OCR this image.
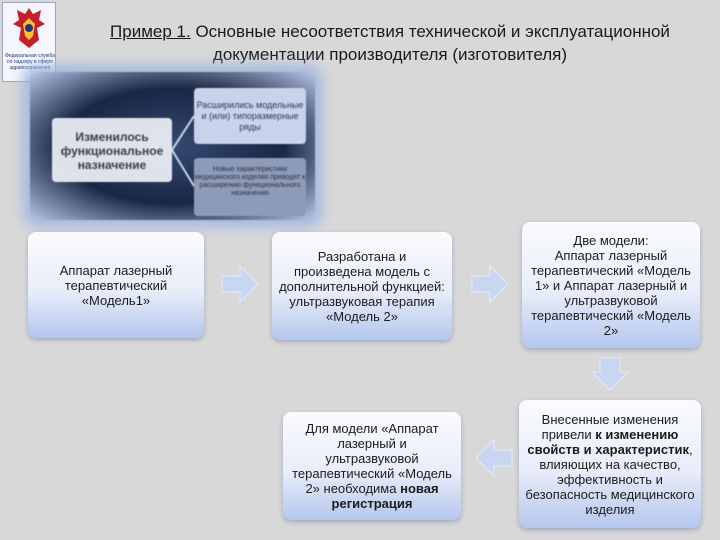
Федеральная служба
по надзору в сфере
здравоохранения
Пример 1. Основные несоответствия технической и эксплуатационной документации производителя (изготовителя)
Изменилось функциональное назначение
Расширились модельные и (или) типоразмерные ряды
Новые характеристики медицинского изделия приводят к расширению функционального назначения
Аппарат лазерный терапевтический «Модель1»
Разработана и произведена модель с дополнительной функцией: ультразвуковая терапия «Модель 2»
Две модели:
Аппарат лазерный терапевтический «Модель 1» и Аппарат лазерный и ультразвуковой терапевтический «Модель 2»
Для модели «Аппарат лазерный и ультразвуковой терапевтический «Модель 2» необходима новая регистрация
Внесенные изменения привели к изменению свойств и характеристик, влияющих на качество, эффективность и безопасность медицинского изделия
